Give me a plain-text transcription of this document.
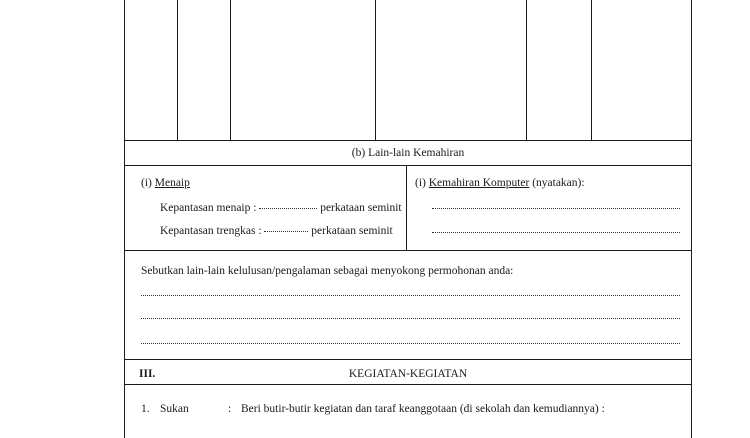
(b) Lain-lain Kemahiran
(i) Menaip
Kepantasan menaip :	perkataan seminit
Kepantasan trengkas :	perkataan seminit
(i) Kemahiran Komputer (nyatakan):
Sebutkan lain-lain kelulusan/pengalaman sebagai menyokong permohonan anda:
III.	KEGIATAN-KEGIATAN
1. Sukan	: Beri butir-butir kegiatan dan taraf keanggotaan (di sekolah dan kemudiannya) :
